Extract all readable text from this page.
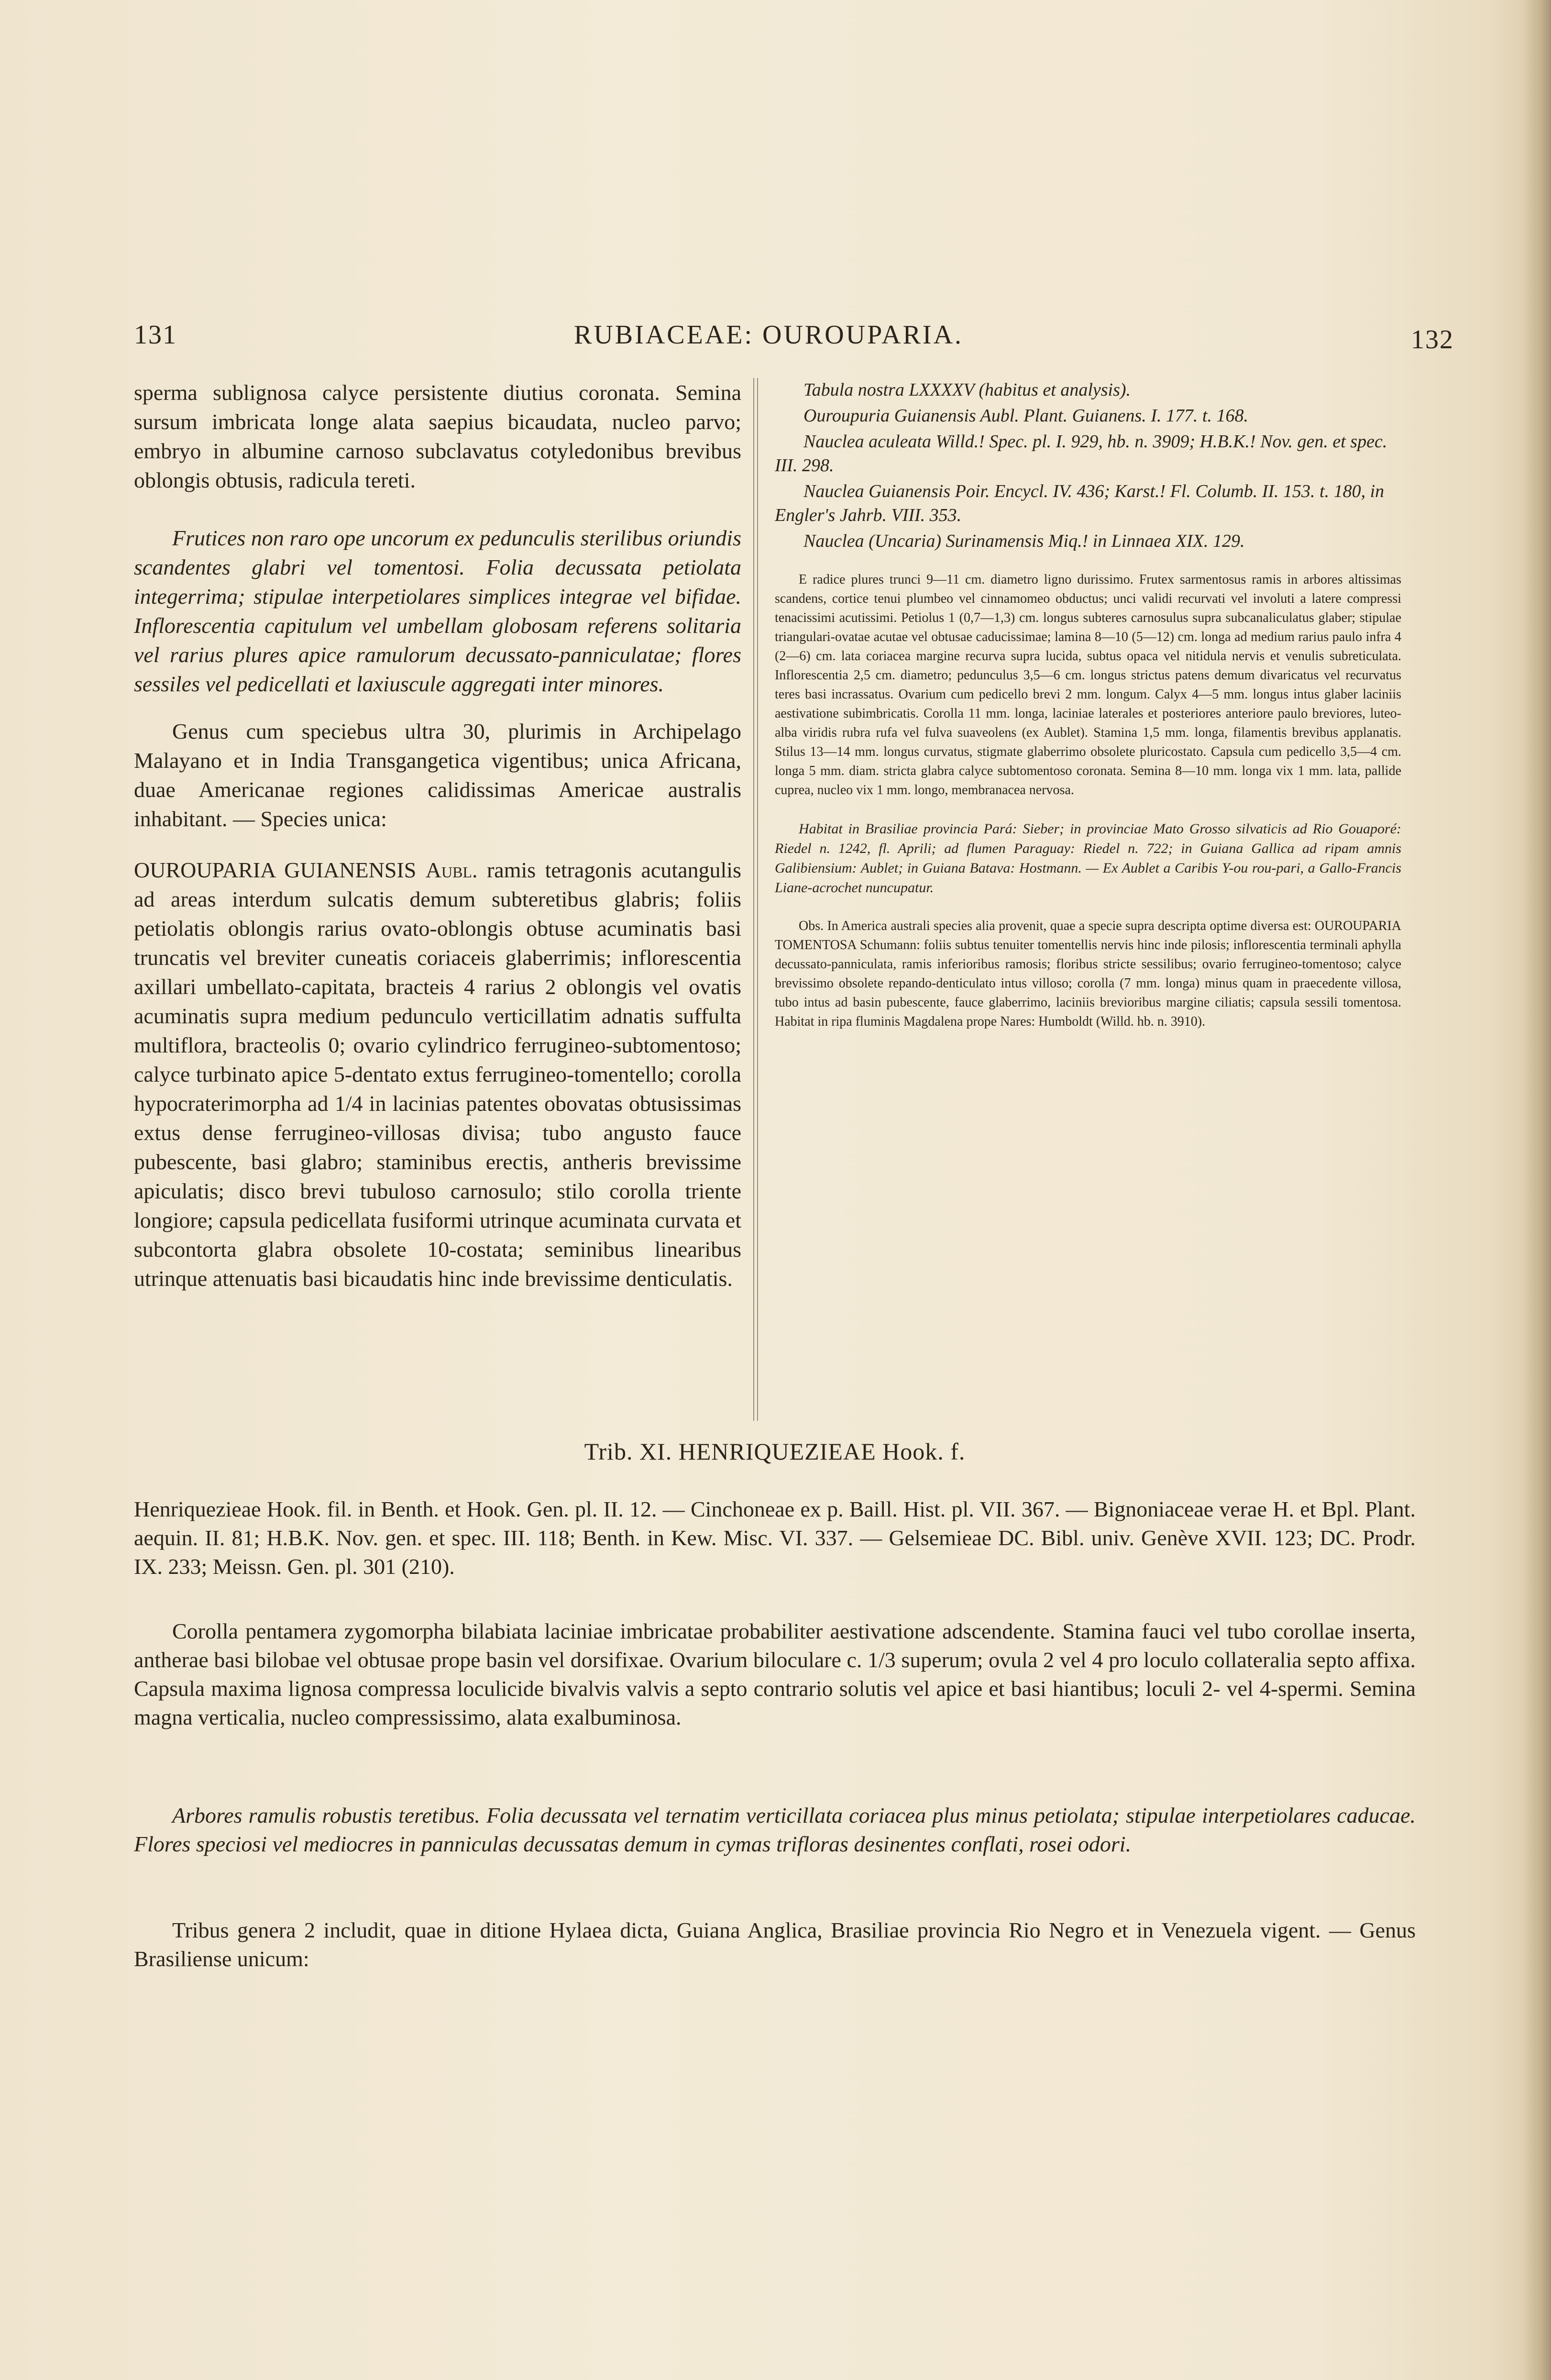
131	RUBIACEAE: OUROUPARIA.	132

sperma sublignosa calyce persistente diutius coronata. Semina sursum imbricata longe alata saepius bicaudata, nucleo parvo; embryo in albumine carnoso subclavatus cotyledonibus brevibus oblongis obtusis, radicula tereti.

Frutices non raro ope uncorum ex pedunculis sterilibus oriundis scandentes glabri vel tomentosi. Folia decussata petiolata integerrima; stipulae interpetiolares simplices integrae vel bifidae. Inflorescentia capitulum vel umbellam globosam referens solitaria vel rarius plures apice ramulorum decussato-panniculatae; flores sessiles vel pedicellati et laxiuscule aggregati inter minores.

Genus cum speciebus ultra 30, plurimis in Archipelago Malayano et in India Transgangetica vigentibus; unica Africana, duae Americanae regiones calidissimas Americae australis inhabitant. — Species unica:

OUROUPARIA GUIANENSIS Aubl. ramis tetragonis acutangulis ad areas interdum sulcatis demum subteretibus glabris; foliis petiolatis oblongis rarius ovato-oblongis obtuse acuminatis basi truncatis vel breviter cuneatis coriaceis glaberrimis; inflorescentia axillari umbellato-capitata, bracteis 4 rarius 2 oblongis vel ovatis acuminatis supra medium pedunculo verticillatim adnatis suffulta multiflora, bracteolis 0; ovario cylindrico ferrugineo-subtomentoso; calyce turbinato apice 5-dentato extus ferrugineo-tomentello; corolla hypocraterimorpha ad 1/4 in lacinias patentes obovatas obtusissimas extus dense ferrugineo-villosas divisa; tubo angusto fauce pubescente, basi glabro; staminibus erectis, antheris brevissime apiculatis; disco brevi tubuloso carnosulo; stilo corolla triente longiore; capsula pedicellata fusiformi utrinque acuminata curvata et subcontorta glabra obsolete 10-costata; seminibus linearibus utrinque attenuatis basi bicaudatis hinc inde brevissime denticulatis.

Tabula nostra LXXXXV (habitus et analysis).

Ouroupuria Guianensis Aubl. Plant. Guianens. I. 177. t. 168.

Nauclea aculeata Willd.! Spec. pl. I. 929, hb. n. 3909; H.B.K.! Nov. gen. et spec. III. 298.

Nauclea Guianensis Poir. Encycl. IV. 436; Karst.! Fl. Columb. II. 153. t. 180, in Engler's Jahrb. VIII. 353.

Nauclea (Uncaria) Surinamensis Miq.! in Linnaea XIX. 129.

E radice plures trunci 9—11 cm. diametro ligno durissimo. Frutex sarmentosus ramis in arbores altissimas scandens, cortice tenui plumbeo vel cinnamomeo obductus; unci validi recurvati vel involuti a latere compressi tenacissimi acutissimi. Petiolus 1 (0,7—1,3) cm. longus subteres carnosulus supra subcanaliculatus glaber; stipulae triangulari-ovatae acutae vel obtusae caducissimae; lamina 8—10 (5—12) cm. longa ad medium rarius paulo infra 4 (2—6) cm. lata coriacea margine recurva supra lucida, subtus opaca vel nitidula nervis et venulis subreticulata. Inflorescentia 2,5 cm. diametro; pedunculus 3,5—6 cm. longus strictus patens demum divaricatus vel recurvatus teres basi incrassatus. Ovarium cum pedicello brevi 2 mm. longum. Calyx 4—5 mm. longus intus glaber laciniis aestivatione subimbricatis. Corolla 11 mm. longa, laciniae laterales et posteriores anteriore paulo breviores, luteo-alba viridis rubra rufa vel fulva suaveolens (ex Aublet). Stamina 1,5 mm. longa, filamentis brevibus applanatis. Stilus 13—14 mm. longus curvatus, stigmate glaberrimo obsolete pluricostato. Capsula cum pedicello 3,5—4 cm. longa 5 mm. diam. stricta glabra calyce subtomentoso coronata. Semina 8—10 mm. longa vix 1 mm. lata, pallide cuprea, nucleo vix 1 mm. longo, membranacea nervosa.

Habitat in Brasiliae provincia Pará: Sieber; in provinciae Mato Grosso silvaticis ad Rio Gouaporé: Riedel n. 1242, fl. Aprili; ad flumen Paraguay: Riedel n. 722; in Guiana Gallica ad ripam amnis Galibiensium: Aublet; in Guiana Batava: Hostmann. — Ex Aublet a Caribis Y-ou rou-pari, a Gallo-Francis Liane-acrochet nuncupatur.

Obs. In America australi species alia provenit, quae a specie supra descripta optime diversa est: OUROUPARIA TOMENTOSA Schumann: foliis subtus tenuiter tomentellis nervis hinc inde pilosis; inflorescentia terminali aphylla decussato-panniculata, ramis inferioribus ramosis; floribus stricte sessilibus; ovario ferrugineo-tomentoso; calyce brevissimo obsolete repando-denticulato intus villoso; corolla (7 mm. longa) minus quam in praecedente villosa, tubo intus ad basin pubescente, fauce glaberrimo, laciniis brevioribus margine ciliatis; capsula sessili tomentosa. Habitat in ripa fluminis Magdalena prope Nares: Humboldt (Willd. hb. n. 3910).

Trib. XI. HENRIQUEZIEAE Hook. f.

Henriquezieae Hook. fil. in Benth. et Hook. Gen. pl. II. 12. — Cinchoneae ex p. Baill. Hist. pl. VII. 367. — Bignoniaceae verae H. et Bpl. Plant. aequin. II. 81; H.B.K. Nov. gen. et spec. III. 118; Benth. in Kew. Misc. VI. 337. — Gelsemieae DC. Bibl. univ. Genève XVII. 123; DC. Prodr. IX. 233; Meissn. Gen. pl. 301 (210).

Corolla pentamera zygomorpha bilabiata laciniae imbricatae probabiliter aestivatione adscendente. Stamina fauci vel tubo corollae inserta, antherae basi bilobae vel obtusae prope basin vel dorsifixae. Ovarium biloculare c. 1/3 superum; ovula 2 vel 4 pro loculo collateralia septo affixa. Capsula maxima lignosa compressa loculicide bivalvis valvis a septo contrario solutis vel apice et basi hiantibus; loculi 2- vel 4-spermi. Semina magna verticalia, nucleo compressissimo, alata exalbuminosa.

Arbores ramulis robustis teretibus. Folia decussata vel ternatim verticillata coriacea plus minus petiolata; stipulae interpetiolares caducae. Flores speciosi vel mediocres in panniculas decussatas demum in cymas trifloras desinentes conflati, rosei odori.

Tribus genera 2 includit, quae in ditione Hylaea dicta, Guiana Anglica, Brasiliae provincia Rio Negro et in Venezuela vigent. — Genus Brasiliense unicum:
